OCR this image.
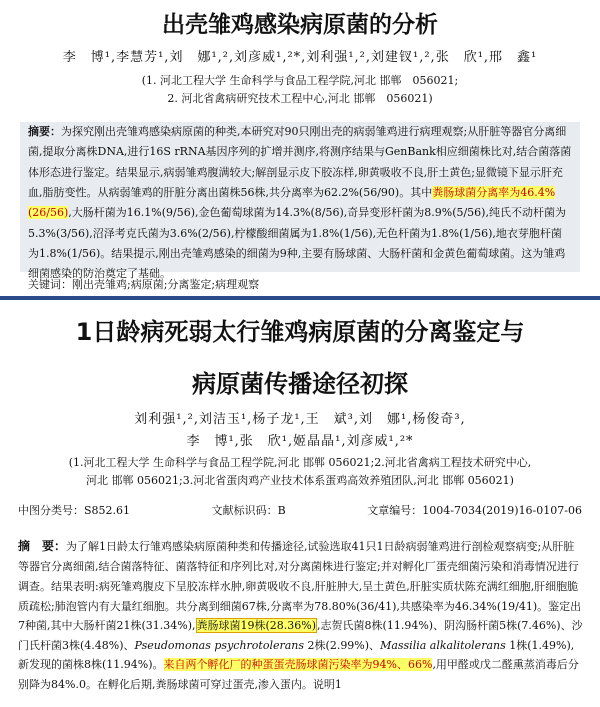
出壳雏鸡感染病原菌的分析
李　博¹,李慧芳¹,刘　娜¹,²,刘彦威¹,²*,刘利强¹,²,刘建钗¹,²,张　欣¹,邢　鑫¹
(1. 河北工程大学 生命科学与食品工程学院,河北 邯郸　056021;
2. 河北省禽病研究技术工程中心,河北 邯郸　056021)
摘要：为探究刚出壳雏鸡感染病原菌的种类,本研究对90只刚出壳的病弱雏鸡进行病理观察;从肝脏等器官分离细菌,提取分离株DNA,进行16S rRNA基因序列的扩增并测序,将测序结果与GenBank相应细菌株比对,结合菌落菌体形态进行鉴定。结果显示,病弱雏鸡腹满较大;解剖显示皮下胶冻样,卵黄吸收不良,肝土黄色;显微镜下显示肝充血,脂肪变性。从病弱雏鸡的肝脏分离出菌株56株,共分离率为62.2%(56/90)。其中粪肠球菌分离率为46.4%(26/56),大肠杆菌为16.1%(9/56),金色葡萄球菌为14.3%(8/56),奇异变形杆菌为8.9%(5/56),纯氏不动杆菌为5.3%(3/56),沼泽考克氏菌为3.6%(2/56),柠檬酸细菌属为1.8%(1/56),无色杆菌为1.8%(1/56),地衣芽胞杆菌为1.8%(1/56)。结果提示,刚出壳雏鸡感染的细菌为9种,主要有肠球菌、大肠杆菌和金黄色葡萄球菌。这为雏鸡细菌感染的防治奠定了基础。
关键词：刚出壳雏鸡;病原菌;分离鉴定;病理观察
1日龄病死弱太行雏鸡病原菌的分离鉴定与
病原菌传播途径初探
刘利强¹,²,刘洁玉¹,杨子龙¹,王　斌³,刘　娜¹,杨俊奇³,
李　博¹,张　欣¹,姬晶晶¹,刘彦威¹,²*
(1.河北工程大学 生命科学与食品工程学院,河北 邯郸 056021;2.河北省禽病工程技术研究中心,
河北 邯郸 056021;3.河北省蛋肉鸡产业技术体系蛋鸡高效养殖团队,河北 邯郸 056021)
中图分类号：S852.61	文献标识码：B	文章编号：1004-7034(2019)16-0107-06
摘　要：为了解1日龄太行雏鸡感染病原菌种类和传播途径,试验选取41只1日龄病弱雏鸡进行剖检观察病变;从肝脏等器官分离细菌,结合菌落特征、菌落特征和序列比对,对分离菌株进行鉴定;并对孵化厂蛋壳细菌污染和消毒情况进行调查。结果表明:病死雏鸡腹皮下呈胶冻样水肿,卵黄吸收不良,肝脏肿大,呈土黄色,肝脏实质状陈充满红细胞,肝细胞脆质疏松;肺泡管内有大量红细胞。共分离到细菌67株,分离率为78.80%(36/41),共感染率为46.34%(19/41)。鉴定出7种菌,其中大肠杆菌21株(31.34%),粪肠球菌19株(28.36%),志贺氏菌8株(11.94%)、阴沟肠杆菌5株(7.46%)、沙门氏杆菌3株(4.48%)、Pseudomonas psychrotolerans 2株(2.99%)、Massilia alkalitolerans 1株(1.49%),新发现的菌株8株(11.94%)。来自两个孵化厂的种蛋蛋壳肠球菌污染率为94%、66%,用甲醛或戊二醛熏蒸消毒后分别降为84%.0。在孵化后期,粪肠球菌可穿过蛋壳,渗入蛋内。说明1
